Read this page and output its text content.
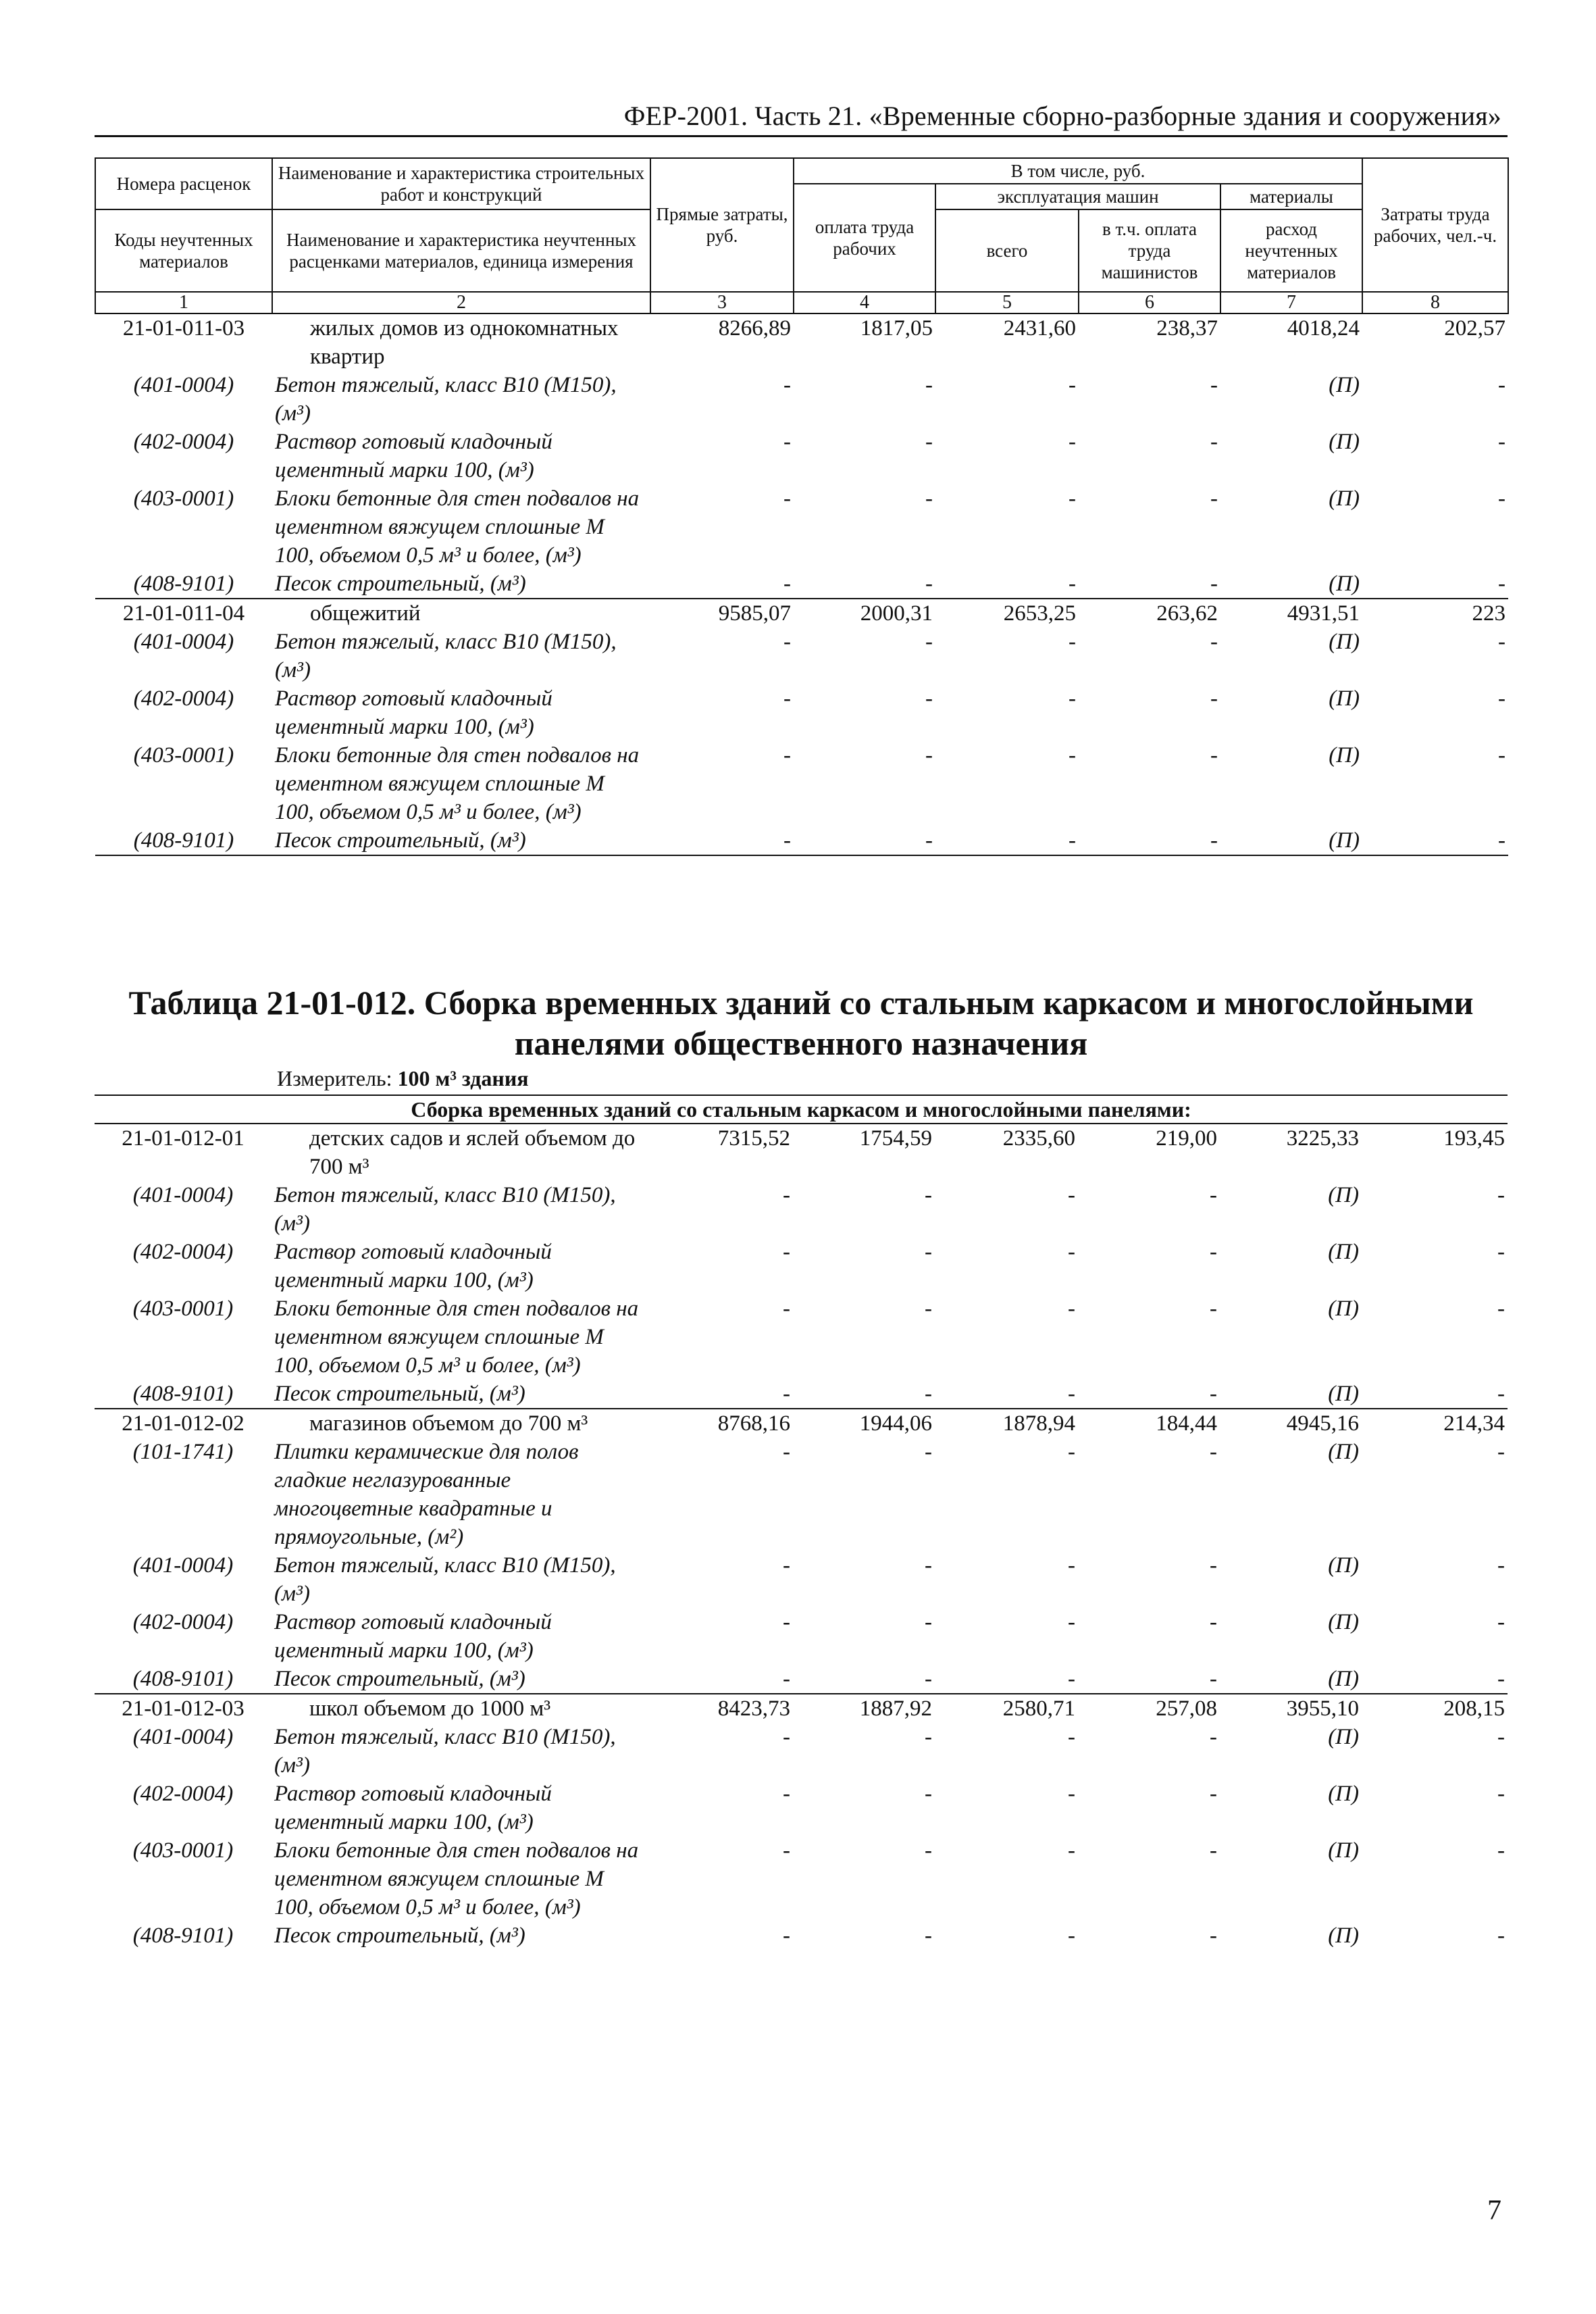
ФЕР-2001. Часть 21. «Временные сборно-разборные здания и сооружения»
Номера расценок	Наименование и характеристика строительных работ и конструкций	Прямые затраты, руб.	В том числе, руб.				Затраты труда рабочих, чел.-ч.
			оплата труда рабочих	эксплуатация машин		материалы	
Коды неучтенных материалов	Наименование и характеристика неучтенных расценками материалов, единица измерения			всего	в т.ч. оплата труда машинистов	расход неучтенных материалов	

1	2	3	4	5	6	7	8
21-01-011-03	жилых домов из однокомнатных квартир	8266,89	1817,05	2431,60	238,37	4018,24	202,57
(401-0004)	Бетон тяжелый, класс В10 (М150), (м³)	-	-	-	-	(П)	-
(402-0004)	Раствор готовый кладочный цементный марки 100, (м³)	-	-	-	-	(П)	-
(403-0001)	Блоки бетонные для стен подвалов на цементном вяжущем сплошные М 100, объемом 0,5 м³ и более, (м³)	-	-	-	-	(П)	-
(408-9101)	Песок строительный, (м³)	-	-	-	-	(П)	-
21-01-011-04	общежитий	9585,07	2000,31	2653,25	263,62	4931,51	223
(401-0004)	Бетон тяжелый, класс В10 (М150), (м³)	-	-	-	-	(П)	-
(402-0004)	Раствор готовый кладочный цементный марки 100, (м³)	-	-	-	-	(П)	-
(403-0001)	Блоки бетонные для стен подвалов на цементном вяжущем сплошные М 100, объемом 0,5 м³ и более, (м³)	-	-	-	-	(П)	-
(408-9101)	Песок строительный, (м³)	-	-	-	-	(П)	-
Таблица 21-01-012. Сборка временных зданий со стальным каркасом и многослойными панелями общественного назначения
Измеритель: 100 м³ здания
Сборка временных зданий со стальным каркасом и многослойными панелями:							
21-01-012-01	детских садов и яслей объемом до 700 м³	7315,52	1754,59	2335,60	219,00	3225,33	193,45
(401-0004)	Бетон тяжелый, класс В10 (М150), (м³)	-	-	-	-	(П)	-
(402-0004)	Раствор готовый кладочный цементный марки 100, (м³)	-	-	-	-	(П)	-
(403-0001)	Блоки бетонные для стен подвалов на цементном вяжущем сплошные М 100, объемом 0,5 м³ и более, (м³)	-	-	-	-	(П)	-
(408-9101)	Песок строительный, (м³)	-	-	-	-	(П)	-
21-01-012-02	магазинов объемом до 700 м³	8768,16	1944,06	1878,94	184,44	4945,16	214,34
(101-1741)	Плитки керамические для полов гладкие неглазурованные многоцветные квадратные и прямоугольные, (м²)	-	-	-	-	(П)	-
(401-0004)	Бетон тяжелый, класс В10 (М150), (м³)	-	-	-	-	(П)	-
(402-0004)	Раствор готовый кладочный цементный марки 100, (м³)	-	-	-	-	(П)	-
(408-9101)	Песок строительный, (м³)	-	-	-	-	(П)	-
21-01-012-03	школ объемом до 1000 м³	8423,73	1887,92	2580,71	257,08	3955,10	208,15
(401-0004)	Бетон тяжелый, класс В10 (М150), (м³)	-	-	-	-	(П)	-
(402-0004)	Раствор готовый кладочный цементный марки 100, (м³)	-	-	-	-	(П)	-
(403-0001)	Блоки бетонные для стен подвалов на цементном вяжущем сплошные М 100, объемом 0,5 м³ и более, (м³)	-	-	-	-	(П)	-
(408-9101)	Песок строительный, (м³)	-	-	-	-	(П)	-
7
